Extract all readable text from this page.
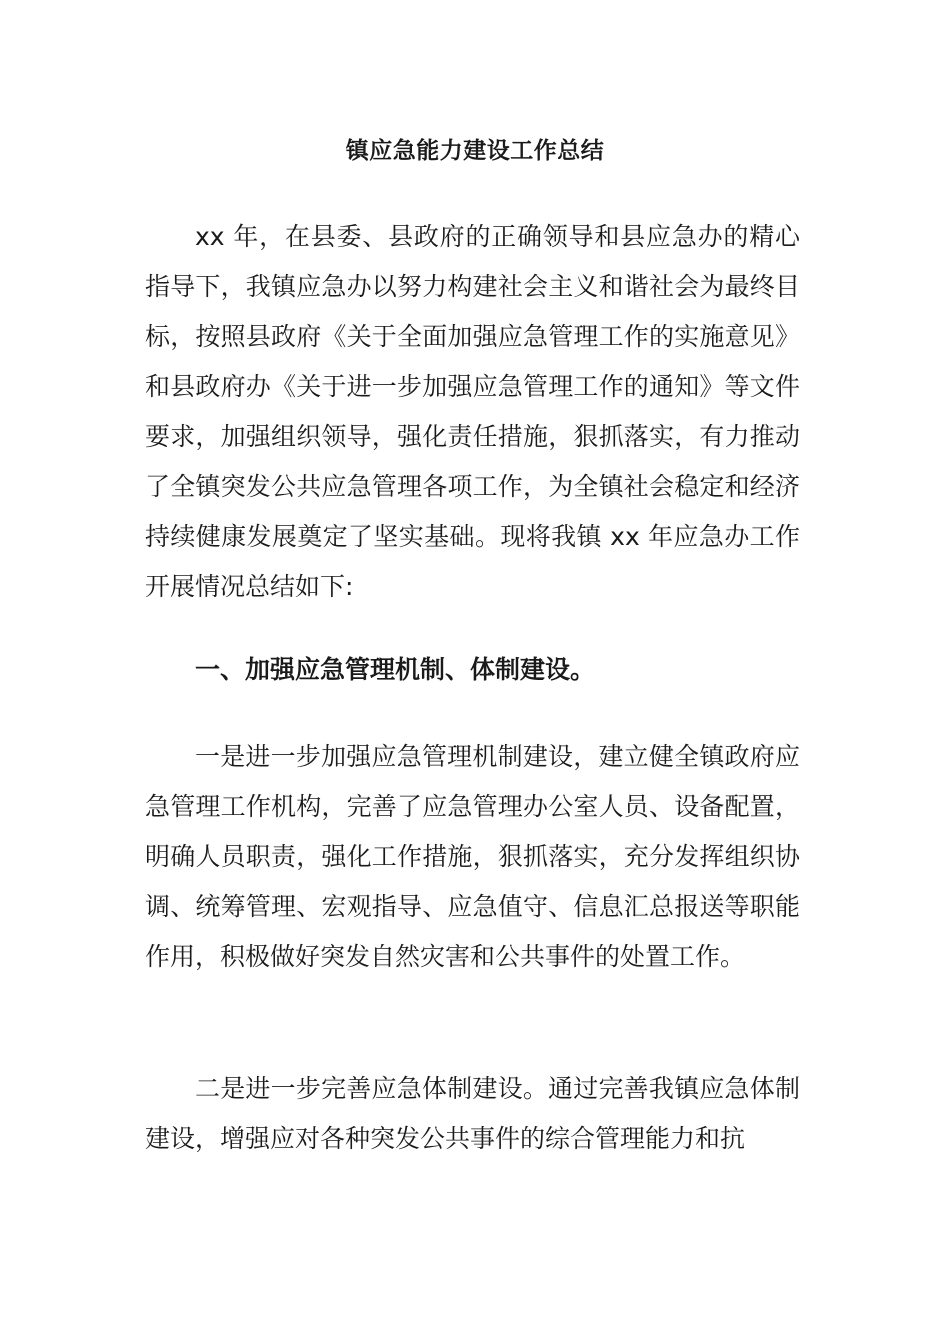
镇应急能力建设工作总结

xx 年，在县委、县政府的正确领导和县应急办的精心指导下，我镇应急办以努力构建社会主义和谐社会为最终目标，按照县政府《关于全面加强应急管理工作的实施意见》和县政府办《关于进一步加强应急管理工作的通知》等文件要求，加强组织领导，强化责任措施，狠抓落实，有力推动了全镇突发公共应急管理各项工作，为全镇社会稳定和经济持续健康发展奠定了坚实基础。现将我镇 xx 年应急办工作开展情况总结如下:

一、加强应急管理机制、体制建设。

一是进一步加强应急管理机制建设，建立健全镇政府应急管理工作机构，完善了应急管理办公室人员、设备配置，明确人员职责，强化工作措施，狠抓落实，充分发挥组织协调、统筹管理、宏观指导、应急值守、信息汇总报送等职能作用，积极做好突发自然灾害和公共事件的处置工作。

二是进一步完善应急体制建设。通过完善我镇应急体制建设，增强应对各种突发公共事件的综合管理能力和抗
